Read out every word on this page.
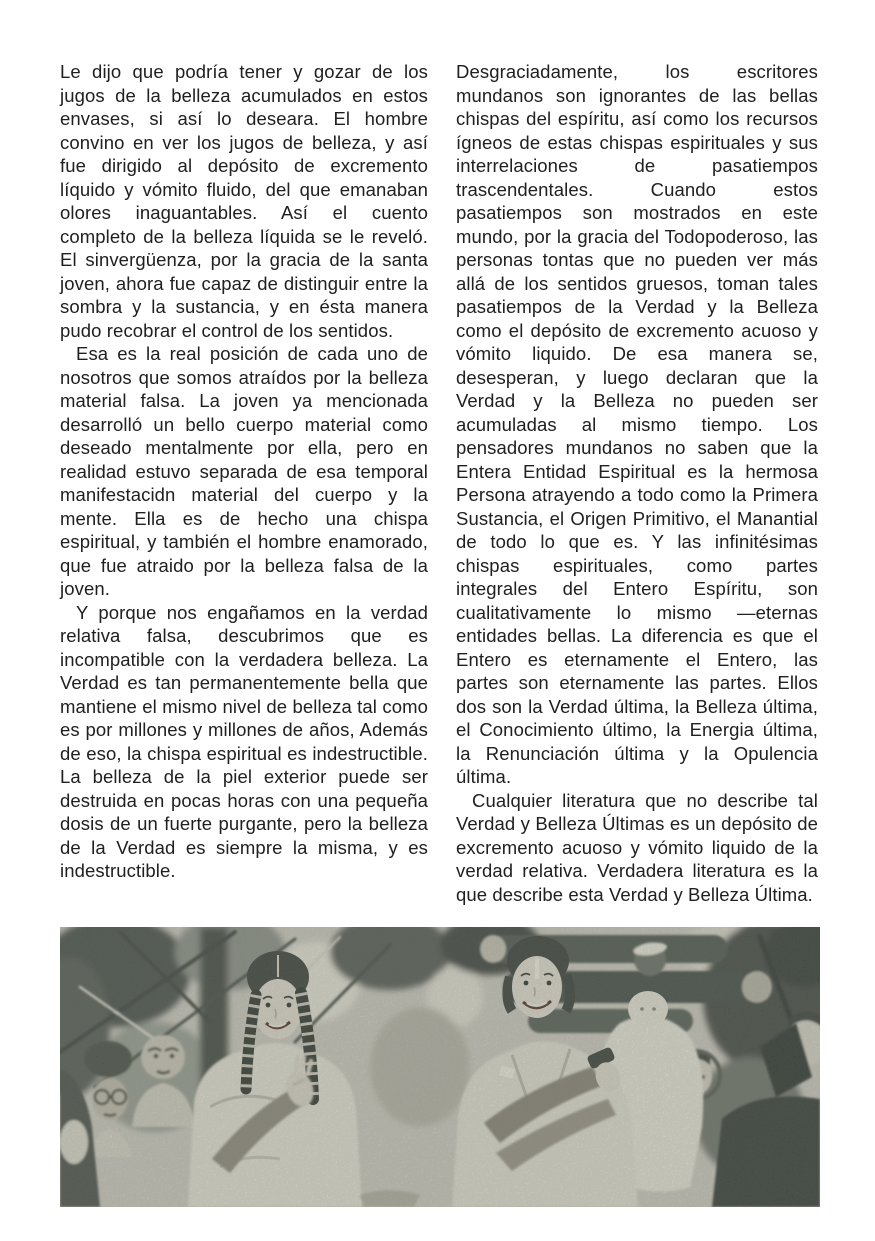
Le dijo que podría tener y gozar de los jugos de la belleza acumulados en estos envases, si así lo deseara. El hombre convino en ver los jugos de belleza, y así fue dirigido al depósito de excremento líquido y vómito fluido, del que emanaban olores inaguantables. Así el cuento completo de la belleza líquida se le reveló. El sinvergüenza, por la gracia de la santa joven, ahora fue capaz de distinguir entre la sombra y la sustancia, y en ésta manera pudo recobrar el control de los sentidos.

Esa es la real posición de cada uno de nosotros que somos atraídos por la belleza material falsa. La joven ya mencionada desarrolló un bello cuerpo material como deseado mentalmente por ella, pero en realidad estuvo separada de esa temporal manifestacidn material del cuerpo y la mente. Ella es de hecho una chispa espiritual, y también el hombre enamorado, que fue atraido por la belleza falsa de la joven.

Y porque nos engañamos en la verdad relativa falsa, descubrimos que es incompatible con la verdadera belleza. La Verdad es tan permanentemente bella que mantiene el mismo nivel de belleza tal como es por millones y millones de años, Además de eso, la chispa espiritual es indestructible. La belleza de la piel exterior puede ser destruida en pocas horas con una pequeña dosis de un fuerte purgante, pero la belleza de la Verdad es siempre la misma, y es indestructible.

Desgraciadamente, los escritores mundanos son ignorantes de las bellas chispas del espíritu, así como los recursos ígneos de estas chispas espirituales y sus interrelaciones de pasatiempos trascendentales. Cuando estos pasatiempos son mostrados en este mundo, por la gracia del Todopoderoso, las personas tontas que no pueden ver más allá de los sentidos gruesos, toman tales pasatiempos de la Verdad y la Belleza como el depósito de excremento acuoso y vómito liquido. De esa manera se, desesperan, y luego declaran que la Verdad y la Belleza no pueden ser acumuladas al mismo tiempo. Los pensadores mundanos no saben que la Entera Entidad Espiritual es la hermosa Persona atrayendo a todo como la Primera Sustancia, el Origen Primitivo, el Manantial de todo lo que es. Y las infinitésimas chispas espirituales, como partes integrales del Entero Espíritu, son cualitativamente lo mismo —eternas entidades bellas. La diferencia es que el Entero es eternamente el Entero, las partes son eternamente las partes. Ellos dos son la Verdad última, la Belleza última, el Conocimiento último, la Energia última, la Renunciación última y la Opulencia última.

Cualquier literatura que no describe tal Verdad y Belleza Últimas es un depósito de excremento acuoso y vómito liquido de la verdad relativa. Verdadera literatura es la que describe esta Verdad y Belleza Última.
